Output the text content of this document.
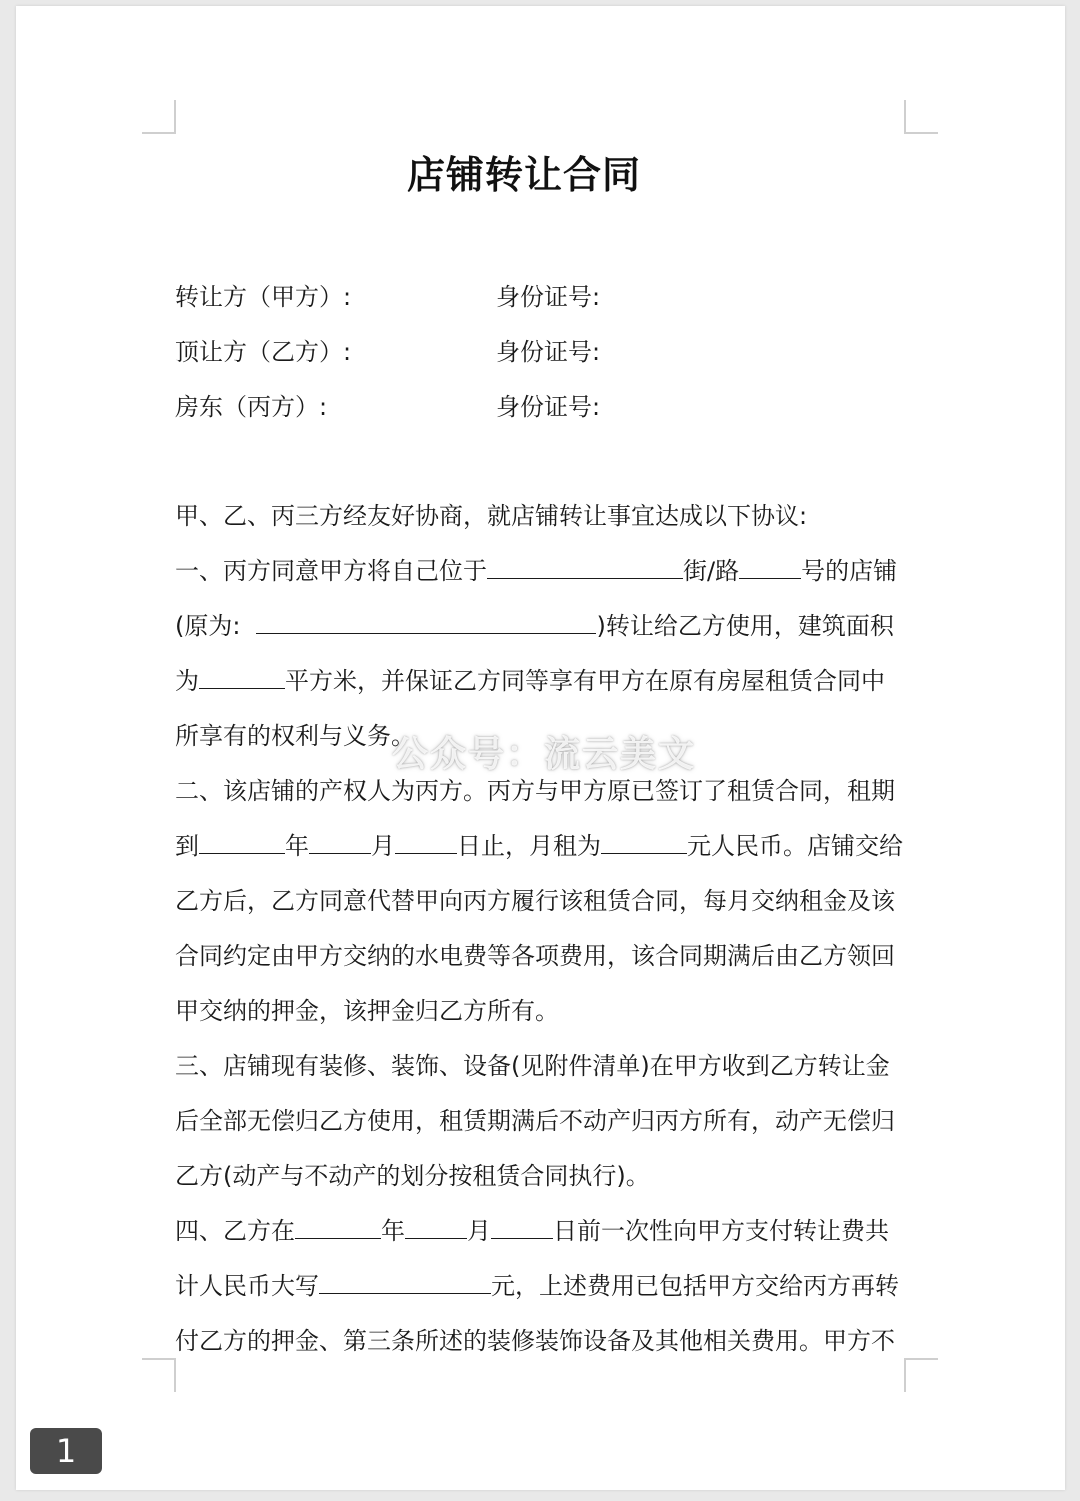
店铺转让合同
转让方（甲方）:	身份证号:
顶让方（乙方）:	身份证号:
房东（丙方）:	身份证号:
甲、乙、丙三方经友好协商，就店铺转让事宜达成以下协议:
一、丙方同意甲方将自己位于	街/路	号的店铺
(原为:	)转让给乙方使用，建筑面积
为	平方米，并保证乙方同等享有甲方在原有房屋租赁合同中
所享有的权利与义务。
二、该店铺的产权人为丙方。丙方与甲方原已签订了租赁合同，租期
到	年	月	日止，月租为	元人民币。店铺交给
乙方后，乙方同意代替甲向丙方履行该租赁合同，每月交纳租金及该
合同约定由甲方交纳的水电费等各项费用，该合同期满后由乙方领回
甲交纳的押金，该押金归乙方所有。
三、店铺现有装修、装饰、设备(见附件清单)在甲方收到乙方转让金
后全部无偿归乙方使用，租赁期满后不动产归丙方所有，动产无偿归
乙方(动产与不动产的划分按租赁合同执行)。
四、乙方在	年	月	日前一次性向甲方支付转让费共
计人民币大写	元，上述费用已包括甲方交给丙方再转
付乙方的押金、第三条所述的装修装饰设备及其他相关费用。甲方不
公众号：流云美文
1
